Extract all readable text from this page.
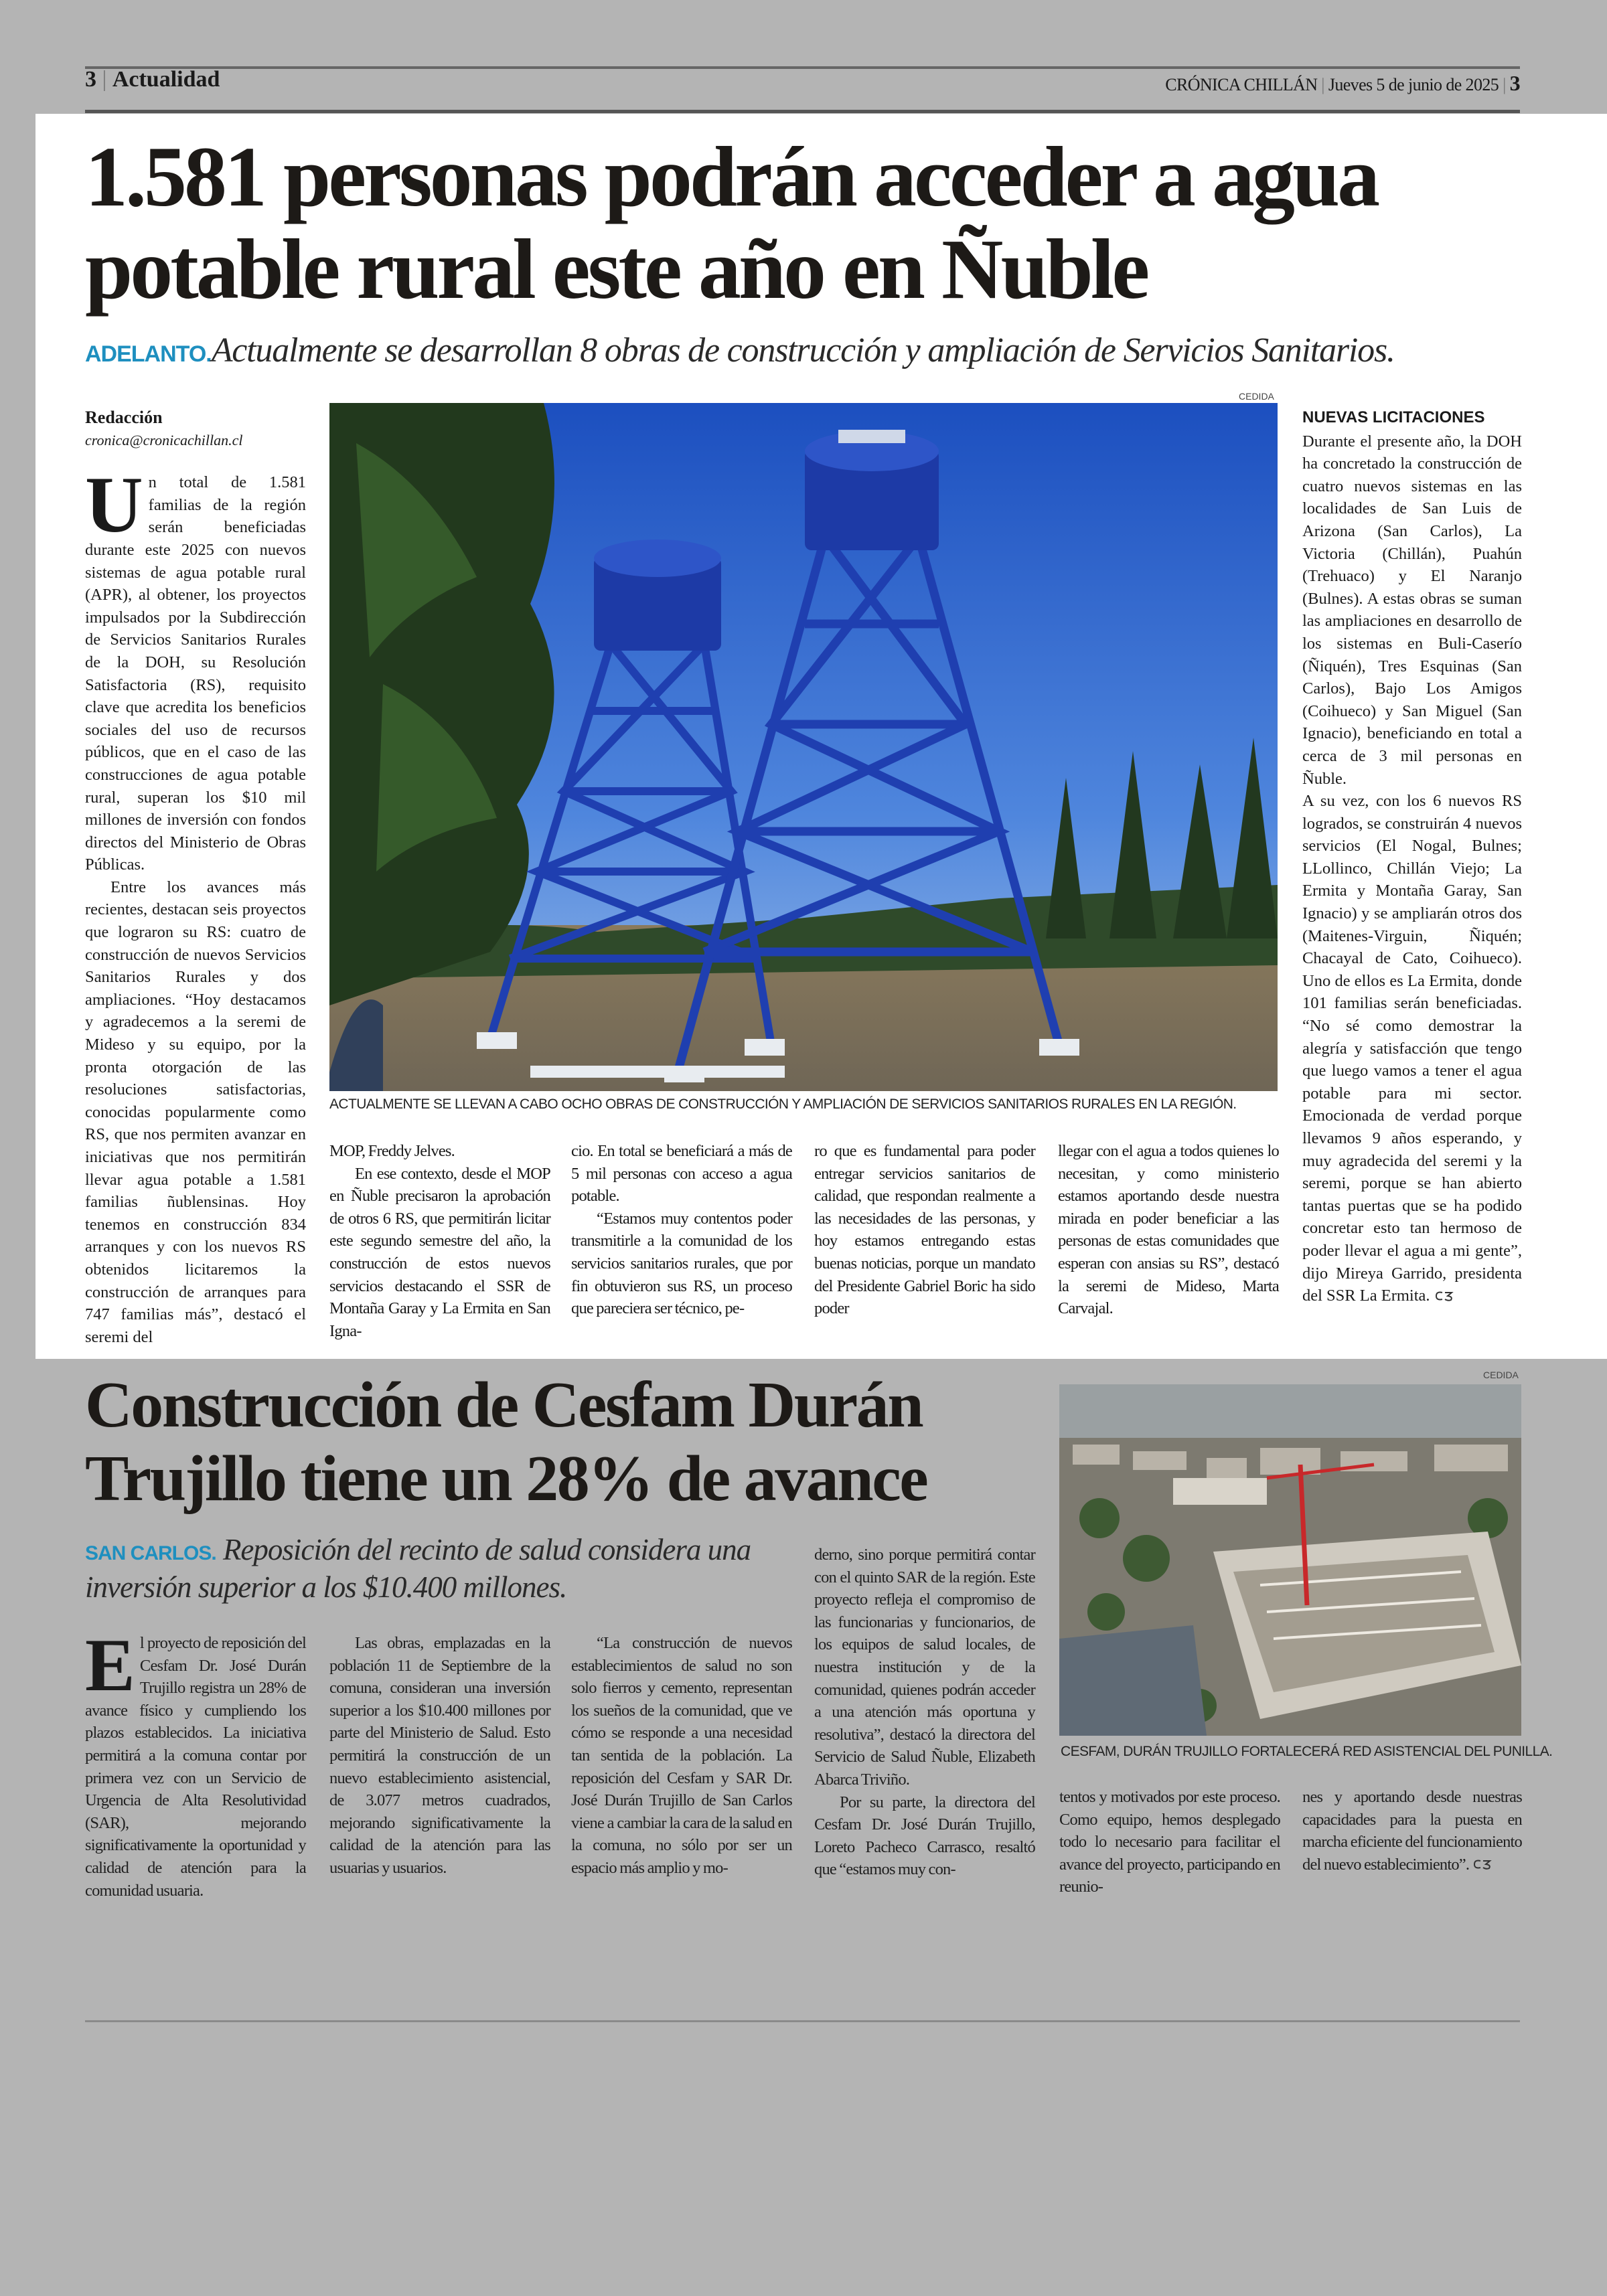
3 | Actualidad	CRÓNICA CHILLÁN | Jueves 5 de junio de 2025 | 3
1.581 personas podrán acceder a agua
potable rural este año en Ñuble
ADELANTO.Actualmente se desarrollan 8 obras de construcción y ampliación de Servicios Sanitarios.
Redacción
cronica@cronicachillan.cl

Un total de 1.581 familias de la región serán beneficiadas durante este 2025 con nuevos sistemas de agua potable rural (APR), al obtener, los proyectos impulsados por la Subdirección de Servicios Sanitarios Rurales de la DOH, su Resolución Satisfactoria (RS), requisito clave que acredita los beneficios sociales del uso de recursos públicos, que en el caso de las construcciones de agua potable rural, superan los $10 mil millones de inversión con fondos directos del Ministerio de Obras Públicas.

Entre los avances más recientes, destacan seis proyectos que lograron su RS: cuatro de construcción de nuevos Servicios Sanitarios Rurales y dos ampliaciones. “Hoy destacamos y agradecemos a la seremi de Mideso y su equipo, por la pronta otorgación de las resoluciones satisfactorias, conocidas popularmente como RS, que nos permiten avanzar en iniciativas que nos permitirán llevar agua potable a 1.581 familias ñublensinas. Hoy tenemos en construcción 834 arranques y con los nuevos RS obtenidos licitaremos la construcción de arranques para 747 familias más”, destacó el seremi del

CEDIDA
ACTUALMENTE SE LLEVAN A CABO OCHO OBRAS DE CONSTRUCCIÓN Y AMPLIACIÓN DE SERVICIOS SANITARIOS RURALES EN LA REGIÓN.

MOP, Freddy Jelves.

En ese contexto, desde el MOP en Ñuble precisaron la aprobación de otros 6 RS, que permitirán licitar este segundo semestre del año, la construcción de estos nuevos servicios destacando el SSR de Montaña Garay y La Ermita en San Igna-

cio. En total se beneficiará a más de 5 mil personas con acceso a agua potable.

“Estamos muy contentos poder transmitirle a la comunidad de los servicios sanitarios rurales, que por fin obtuvieron sus RS, un proceso que pareciera ser técnico, pe-

ro que es fundamental para poder entregar servicios sanitarios de calidad, que respondan realmente a las necesidades de las personas, y hoy estamos entregando estas buenas noticias, porque un mandato del Presidente Gabriel Boric ha sido poder

llegar con el agua a todos quienes lo necesitan, y como ministerio estamos aportando desde nuestra mirada en poder beneficiar a las personas de estas comunidades que esperan con ansias su RS”, destacó la seremi de Mideso, Marta Carvajal.

NUEVAS LICITACIONES

Durante el presente año, la DOH ha concretado la construcción de cuatro nuevos sistemas en las localidades de San Luis de Arizona (San Carlos), La Victoria (Chillán), Puahún (Trehuaco) y El Naranjo (Bulnes). A estas obras se suman las ampliaciones en desarrollo de los sistemas en Buli-Caserío (Ñiquén), Tres Esquinas (San Carlos), Bajo Los Amigos (Coihueco) y San Miguel (San Ignacio), beneficiando en total a cerca de 3 mil personas en Ñuble.

A su vez, con los 6 nuevos RS logrados, se construirán 4 nuevos servicios (El Nogal, Bulnes; LLollinco, Chillán Viejo; La Ermita y Montaña Garay, San Ignacio) y se ampliarán otros dos (Maitenes-Virguin, Ñiquén; Chacayal de Cato, Coihueco). Uno de ellos es La Ermita, donde 101 familias serán beneficiadas. “No sé como demostrar la alegría y satisfacción que tengo que luego vamos a tener el agua potable para mi sector. Emocionada de verdad porque llevamos 9 años esperando, y muy agradecida del seremi y la seremi, porque se han abierto tantas puertas que se ha podido concretar esto tan hermoso de poder llevar el agua a mi gente”, dijo Mireya Garrido, presidenta del SSR La Ermita.

Construcción de Cesfam Durán
Trujillo tiene un 28% de avance
SAN CARLOS. Reposición del recinto de salud considera una
inversión superior a los $10.400 millones.
CEDIDA
CESFAM, DURÁN TRUJILLO FORTALECERÁ RED ASISTENCIAL DEL PUNILLA.

El proyecto de reposición del Cesfam Dr. José Durán Trujillo registra un 28% de avance físico y cumpliendo los plazos establecidos. La iniciativa permitirá a la comuna contar por primera vez con un Servicio de Urgencia de Alta Resolutividad (SAR), mejorando significativamente la oportunidad y calidad de atención para la comunidad usuaria.

Las obras, emplazadas en la población 11 de Septiembre de la comuna, consideran una inversión superior a los $10.400 millones por parte del Ministerio de Salud. Esto permitirá la construcción de un nuevo establecimiento asistencial, de 3.077 metros cuadrados, mejorando significativamente la calidad de la atención para las usuarias y usuarios.

“La construcción de nuevos establecimientos de salud no son solo fierros y cemento, representan los sueños de la comunidad, que ve cómo se responde a una necesidad tan sentida de la población. La reposición del Cesfam y SAR Dr. José Durán Trujillo de San Carlos viene a cambiar la cara de la salud en la comuna, no sólo por ser un espacio más amplio y mo-

derno, sino porque permitirá contar con el quinto SAR de la región. Este proyecto refleja el compromiso de las funcionarias y funcionarios, de los equipos de salud locales, de nuestra institución y de la comunidad, quienes podrán acceder a una atención más oportuna y resolutiva”, destacó la directora del Servicio de Salud Ñuble, Elizabeth Abarca Triviño.

Por su parte, la directora del Cesfam Dr. José Durán Trujillo, Loreto Pacheco Carrasco, resaltó que “estamos muy con-

tentos y motivados por este proceso. Como equipo, hemos desplegado todo lo necesario para facilitar el avance del proyecto, participando en reunio-

nes y aportando desde nuestras capacidades para la puesta en marcha eficiente del funcionamiento del nuevo establecimiento”.
